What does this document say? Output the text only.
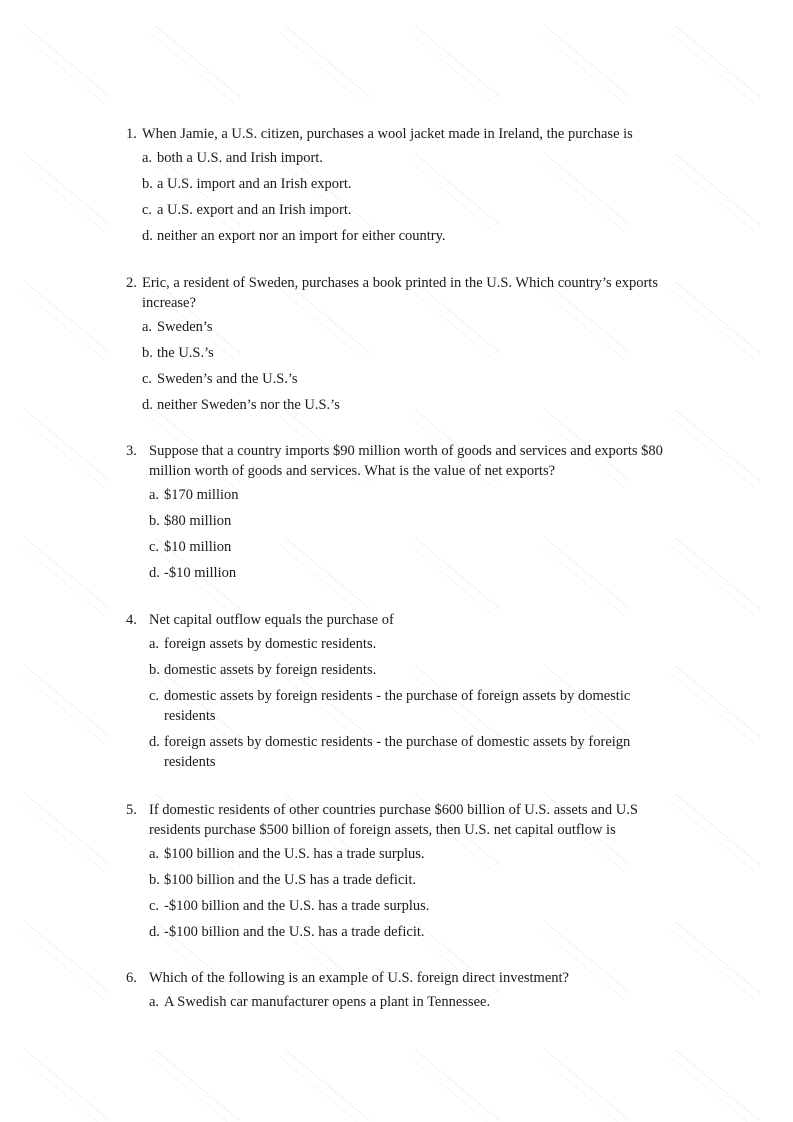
1. When Jamie, a U.S. citizen, purchases a wool jacket made in Ireland, the purchase is
a. both a U.S. and Irish import.
b. a U.S. import and an Irish export.
c. a U.S. export and an Irish import.
d. neither an export nor an import for either country.
2. Eric, a resident of Sweden, purchases a book printed in the U.S. Which country’s exports increase?
a. Sweden’s
b. the U.S.’s
c. Sweden’s and the U.S.’s
d. neither Sweden’s nor the U.S.’s
3. Suppose that a country imports $90 million worth of goods and services and exports $80 million worth of goods and services. What is the value of net exports?
a. $170 million
b. $80 million
c. $10 million
d. -$10 million
4. Net capital outflow equals the purchase of
a. foreign assets by domestic residents.
b. domestic assets by foreign residents.
c. domestic assets by foreign residents - the purchase of foreign assets by domestic residents
d. foreign assets by domestic residents - the purchase of domestic assets by foreign residents
5. If domestic residents of other countries purchase $600 billion of U.S. assets and U.S residents purchase $500 billion of foreign assets, then U.S. net capital outflow is
a. $100 billion and the U.S. has a trade surplus.
b. $100 billion and the U.S has a trade deficit.
c. -$100 billion and the U.S. has a trade surplus.
d. -$100 billion and the U.S. has a trade deficit.
6. Which of the following is an example of U.S. foreign direct investment?
a. A Swedish car manufacturer opens a plant in Tennessee.
